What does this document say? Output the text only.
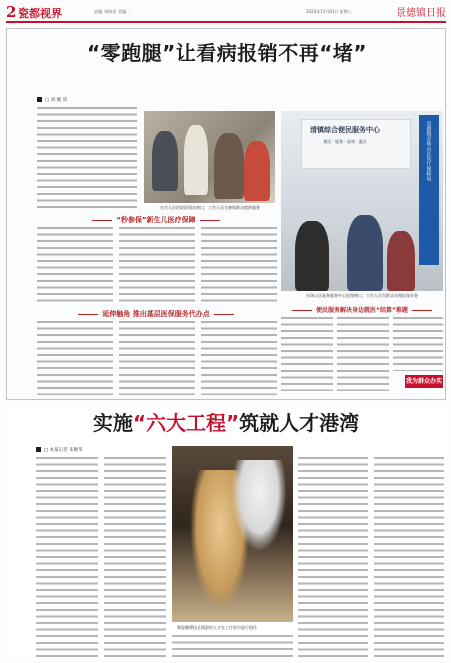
2 瓷都视界	责编 刘海星 美编 ·	2023年11月01日 星期三	景德镇日报
“零跑腿”让看病报销不再“堵”
□ 刘 婉 清
在市人民医院医保办窗口，工作人员为参保群众提供服务
清镇综合便民服务中心
便民 · 服务 · 高效 · 惠民	景德镇市珠山区医疗保障局
在珠山区政务服务中心医保窗口，工作人员为群众办理医保业务
“秒参保”新生儿医疗保障
延伸触角 推出基层医保服务代办点	便民服务解决身边就医“结算”难题
我为群众办实事
实施“六大工程”筑就人才港湾
□ 本报记者 朱顺华
陶瓷雕塑技艺精湛的人才在工作室中进行创作
